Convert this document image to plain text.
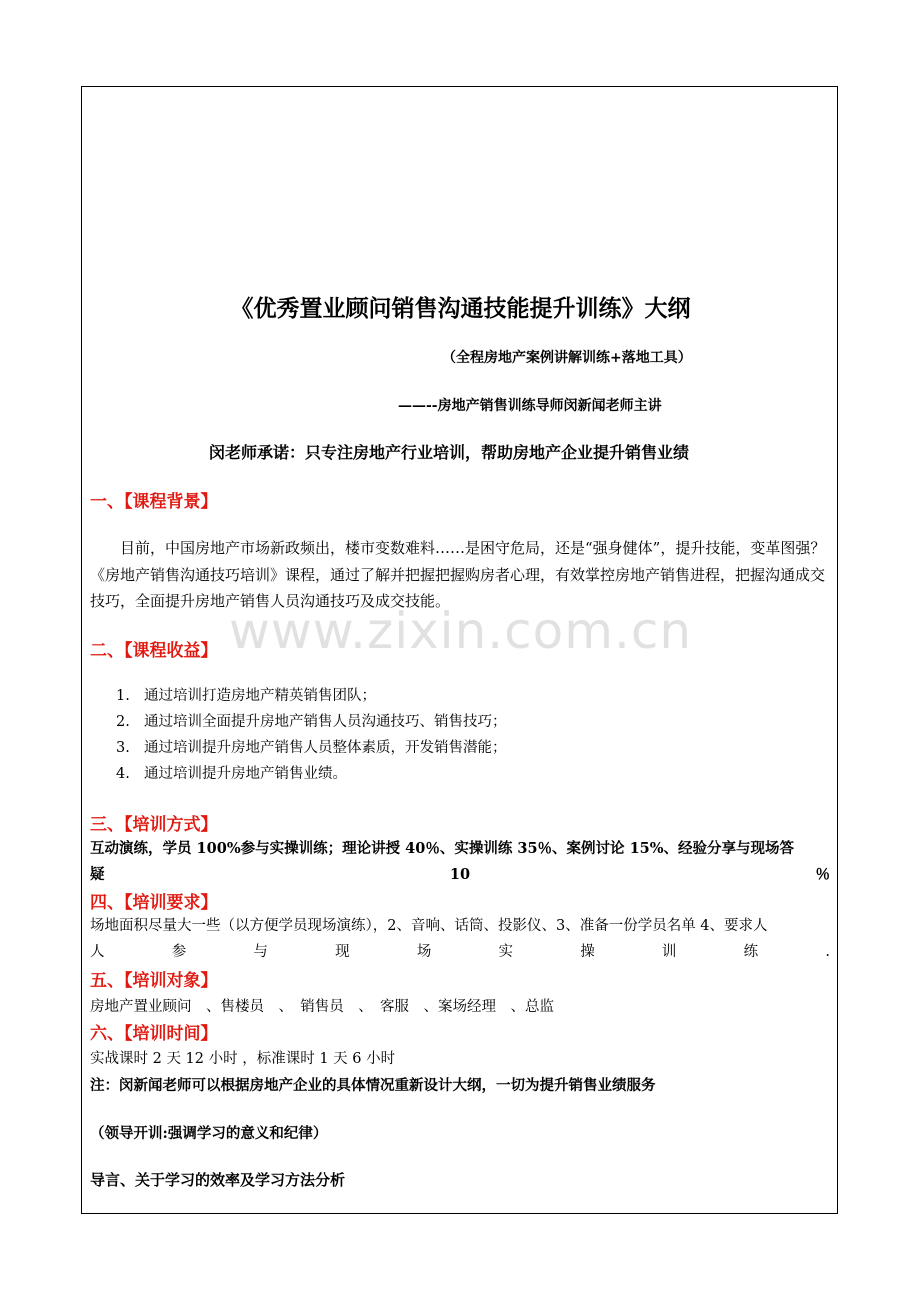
www.zixin.com.cn
《优秀置业顾问销售沟通技能提升训练》大纲
（全程房地产案例讲解训练+落地工具）
——--房地产销售训练导师闵新闻老师主讲
闵老师承诺：只专注房地产行业培训，帮助房地产企业提升销售业绩
一、【课程背景】
目前，中国房地产市场新政频出，楼市变数难料……是困守危局，还是“强身健体”，提升技能，变革图强？《房地产销售沟通技巧培训》课程，通过了解并把握把握购房者心理，有效掌控房地产销售进程，把握沟通成交技巧，全面提升房地产销售人员沟通技巧及成交技能。
二、【课程收益】
1. 通过培训打造房地产精英销售团队；
2. 通过培训全面提升房地产销售人员沟通技巧、销售技巧；
3. 通过培训提升房地产销售人员整体素质，开发销售潜能；
4. 通过培训提升房地产销售业绩。
三、【培训方式】
互动演练，学员 100%参与实操训练；理论讲授 40％、实操训练 35％、案例讨论 15%、经验分享与现场答
疑	10	％
四、【培训要求】
场地面积尽量大一些（以方便学员现场演练），2、音响、话筒、投影仪、3、准备一份学员名单 4、要求人
人	参	与	现	场	实	操	训	练	.
五、【培训对象】
房地产置业顾问　、售楼员　、　销售员　、　客服　、案场经理　、总监
六、【培训时间】
实战课时 2 天 12 小时 ，标准课时 1 天 6 小时
注：闵新闻老师可以根据房地产企业的具体情况重新设计大纲，一切为提升销售业绩服务
（领导开训:强调学习的意义和纪律）
导言、关于学习的效率及学习方法分析
